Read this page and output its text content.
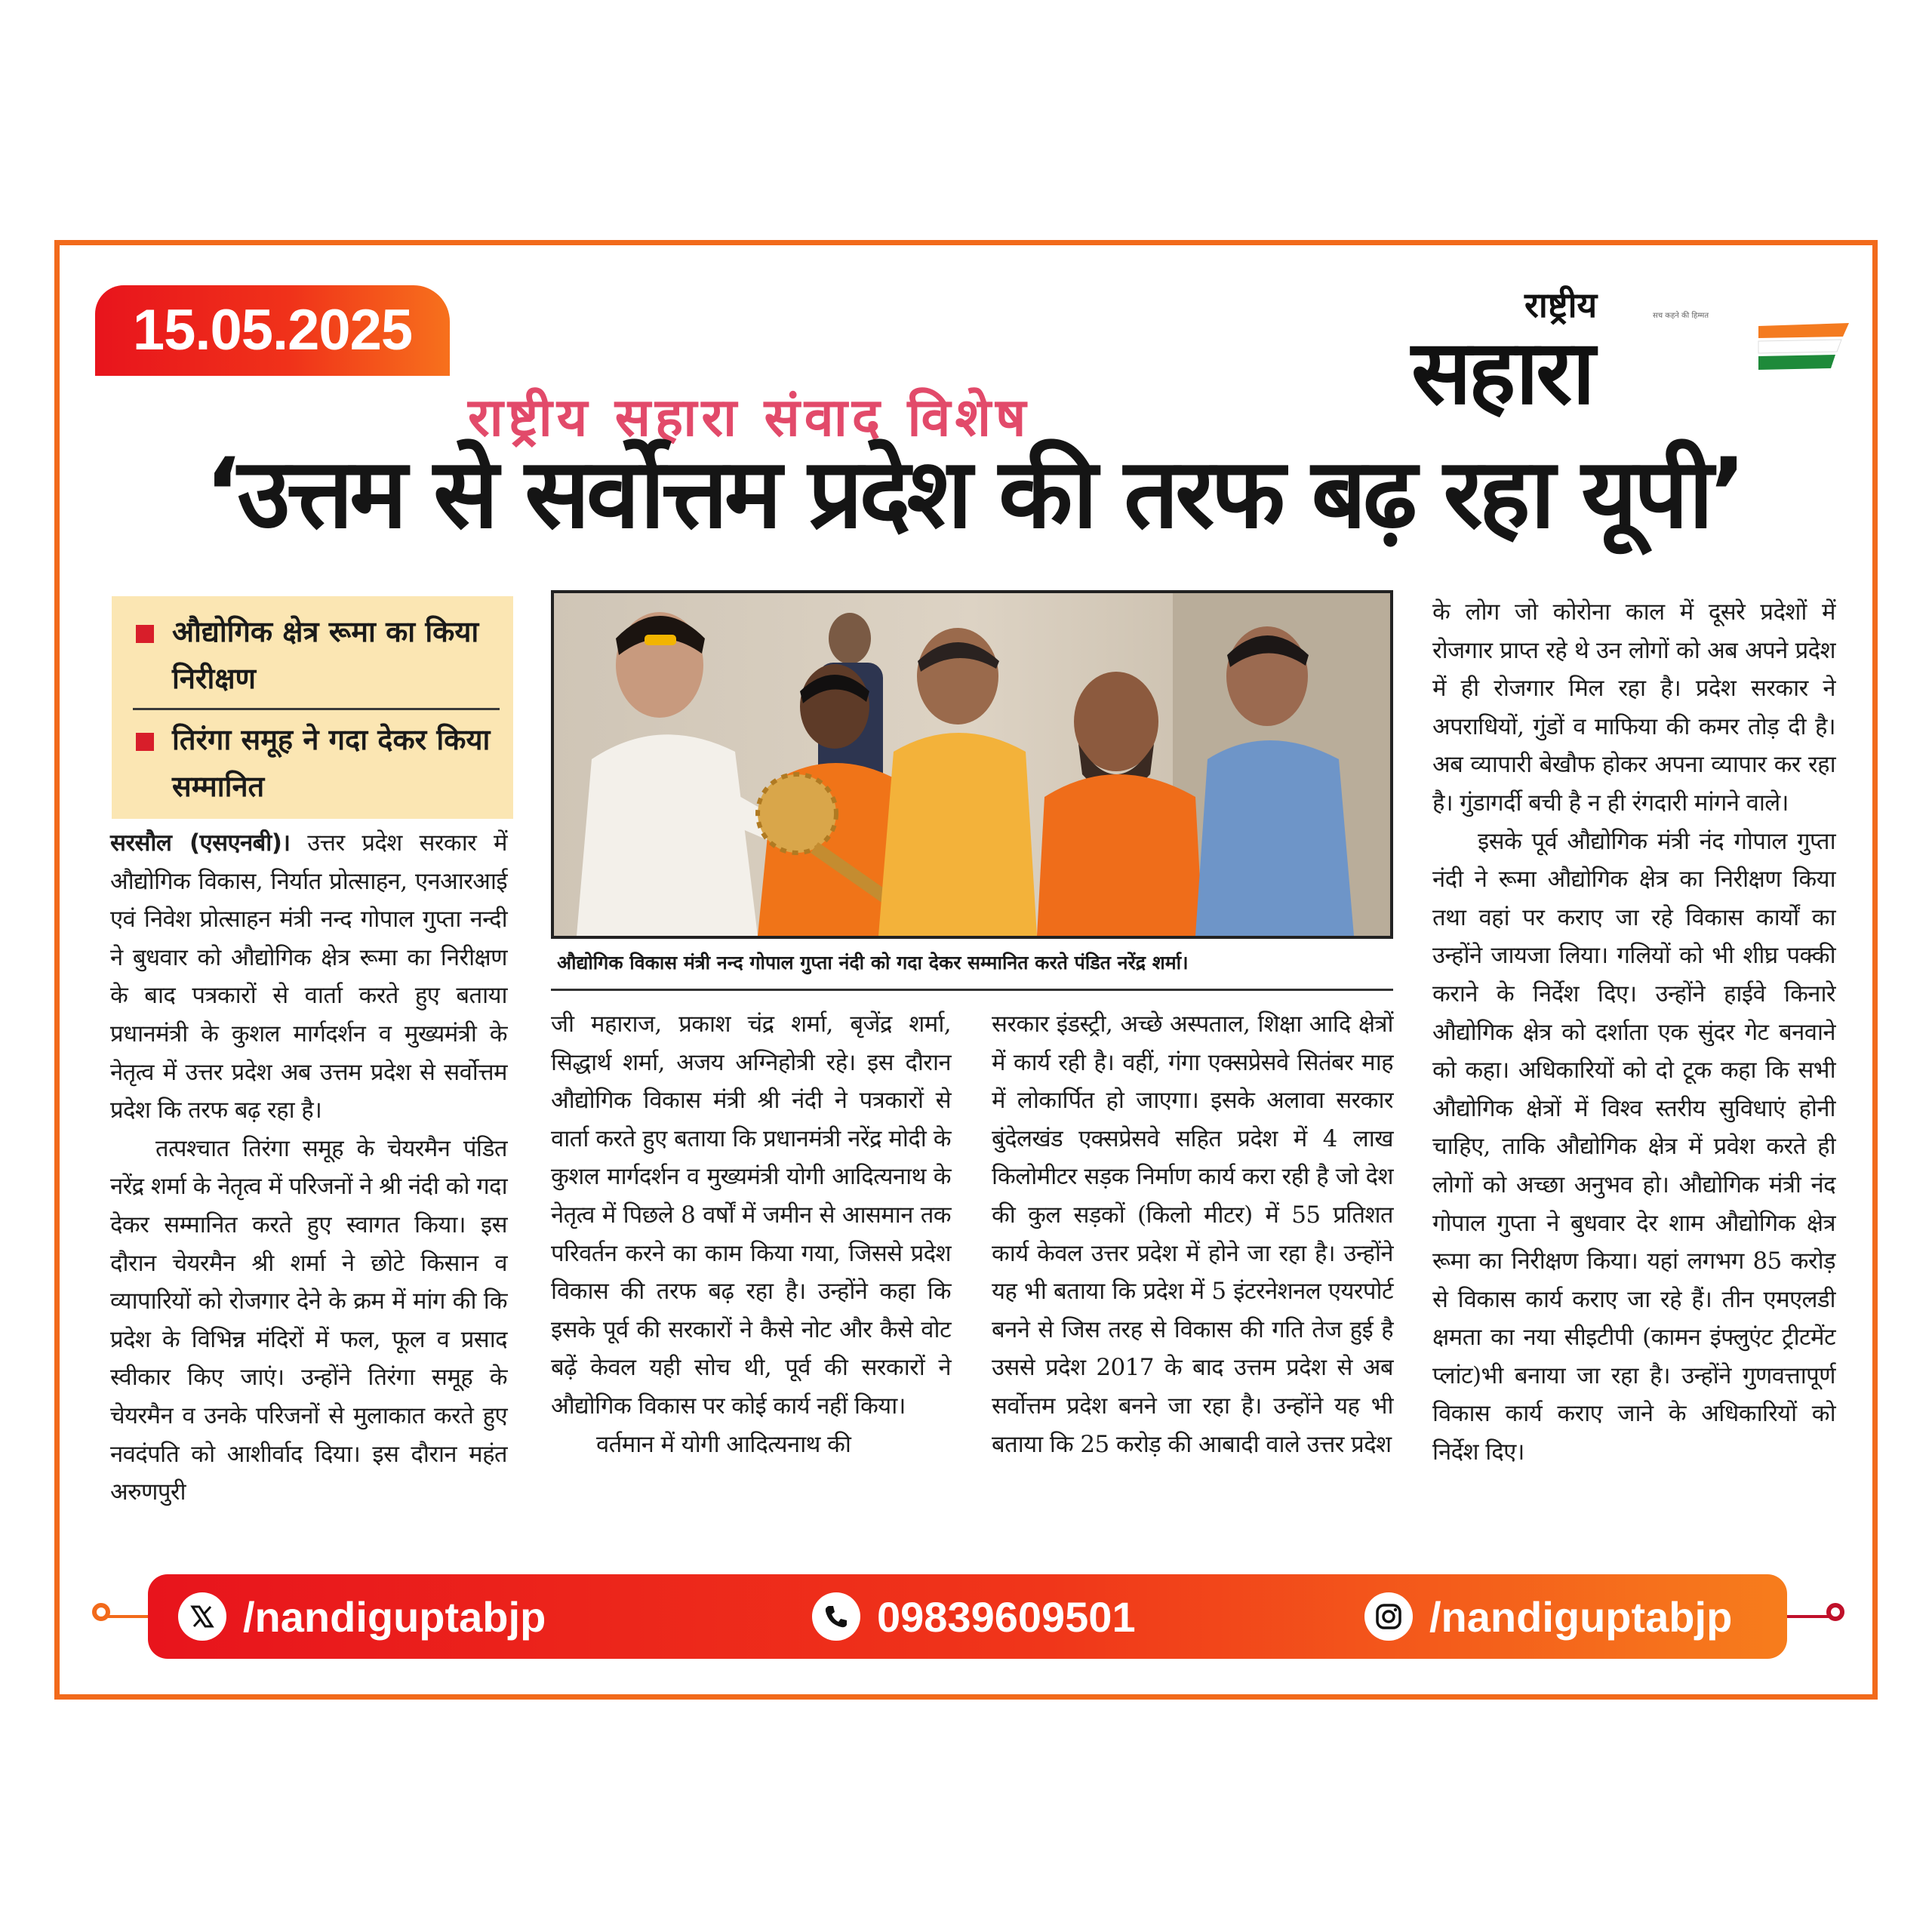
15.05.2025	राष्ट्रीय	सच कहने की हिम्मत
सहारा
राष्ट्रीय सहारा संवाद विशेष
‘उत्तम से सर्वोत्तम प्रदेश की तरफ बढ़ रहा यूपी’
औद्योगिक क्षेत्र रूमा का किया निरीक्षण
तिरंगा समूह ने गदा देकर किया सम्मानित
औद्योगिक विकास मंत्री नन्द गोपाल गुप्ता नंदी को गदा देकर सम्मानित करते पंडित नरेंद्र शर्मा।

सरसौल (एसएनबी)। उत्तर प्रदेश सरकार में औद्योगिक विकास, निर्यात प्रोत्साहन, एनआरआई एवं निवेश प्रोत्साहन मंत्री नन्द गोपाल गुप्ता नन्दी ने बुधवार को औद्योगिक क्षेत्र रूमा का निरीक्षण के बाद पत्रकारों से वार्ता करते हुए बताया प्रधानमंत्री के कुशल मार्गदर्शन व मुख्यमंत्री के नेतृत्व में उत्तर प्रदेश अब उत्तम प्रदेश से सर्वोत्तम प्रदेश कि तरफ बढ़ रहा है।

तत्पश्चात तिरंगा समूह के चेयरमैन पंडित नरेंद्र शर्मा के नेतृत्व में परिजनों ने श्री नंदी को गदा देकर सम्मानित करते हुए स्वागत किया। इस दौरान चेयरमैन श्री शर्मा ने छोटे किसान व व्यापारियों को रोजगार देने के क्रम में मांग की कि प्रदेश के विभिन्न मंदिरों में फल, फूल व प्रसाद स्वीकार किए जाएं। उन्होंने तिरंगा समूह के चेयरमैन व उनके परिजनों से मुलाकात करते हुए नवदंपति को आशीर्वाद दिया। इस दौरान महंत अरुणपुरी

जी महाराज, प्रकाश चंद्र शर्मा, बृजेंद्र शर्मा, सिद्धार्थ शर्मा, अजय अग्निहोत्री रहे। इस दौरान औद्योगिक विकास मंत्री श्री नंदी ने पत्रकारों से वार्ता करते हुए बताया कि प्रधानमंत्री नरेंद्र मोदी के कुशल मार्गदर्शन व मुख्यमंत्री योगी आदित्यनाथ के नेतृत्व में पिछले 8 वर्षों में जमीन से आसमान तक परिवर्तन करने का काम किया गया, जिससे प्रदेश विकास की तरफ बढ़ रहा है। उन्होंने कहा कि इसके पूर्व की सरकारों ने कैसे नोट और कैसे वोट बढ़ें केवल यही सोच थी, पूर्व की सरकारों ने औद्योगिक विकास पर कोई कार्य नहीं किया।

वर्तमान में योगी आदित्यनाथ की

सरकार इंडस्ट्री, अच्छे अस्पताल, शिक्षा आदि क्षेत्रों में कार्य रही है। वहीं, गंगा एक्सप्रेसवे सितंबर माह में लोकार्पित हो जाएगा। इसके अलावा सरकार बुंदेलखंड एक्सप्रेसवे सहित प्रदेश में 4 लाख किलोमीटर सड़क निर्माण कार्य करा रही है जो देश की कुल सड़कों (किलो मीटर) में 55 प्रतिशत कार्य केवल उत्तर प्रदेश में होने जा रहा है। उन्होंने यह भी बताया कि प्रदेश में 5 इंटरनेशनल एयरपोर्ट बनने से जिस तरह से विकास की गति तेज हुई है उससे प्रदेश 2017 के बाद उत्तम प्रदेश से अब सर्वोत्तम प्रदेश बनने जा रहा है। उन्होंने यह भी बताया कि 25 करोड़ की आबादी वाले उत्तर प्रदेश

के लोग जो कोरोना काल में दूसरे प्रदेशों में रोजगार प्राप्त रहे थे उन लोगों को अब अपने प्रदेश में ही रोजगार मिल रहा है। प्रदेश सरकार ने अपराधियों, गुंडों व माफिया की कमर तोड़ दी है। अब व्यापारी बेखौफ होकर अपना व्यापार कर रहा है। गुंडागर्दी बची है न ही रंगदारी मांगने वाले।

इसके पूर्व औद्योगिक मंत्री नंद गोपाल गुप्ता नंदी ने रूमा औद्योगिक क्षेत्र का निरीक्षण किया तथा वहां पर कराए जा रहे विकास कार्यों का उन्होंने जायजा लिया। गलियों को भी शीघ्र पक्की कराने के निर्देश दिए। उन्होंने हाईवे किनारे औद्योगिक क्षेत्र को दर्शाता एक सुंदर गेट बनवाने को कहा। अधिकारियों को दो टूक कहा कि सभी औद्योगिक क्षेत्रों में विश्व स्तरीय सुविधाएं होनी चाहिए, ताकि औद्योगिक क्षेत्र में प्रवेश करते ही लोगों को अच्छा अनुभव हो। औद्योगिक मंत्री नंद गोपाल गुप्ता ने बुधवार देर शाम औद्योगिक क्षेत्र रूमा का निरीक्षण किया। यहां लगभग 85 करोड़ से विकास कार्य कराए जा रहे हैं। तीन एमएलडी क्षमता का नया सीइटीपी (कामन इंफ्लुएंट ट्रीटमेंट प्लांट)भी बनाया जा रहा है। उन्होंने गुणवत्तापूर्ण विकास कार्य कराए जाने के अधिकारियों को निर्देश दिए।

/nandiguptabjp	09839609501	/nandiguptabjp
